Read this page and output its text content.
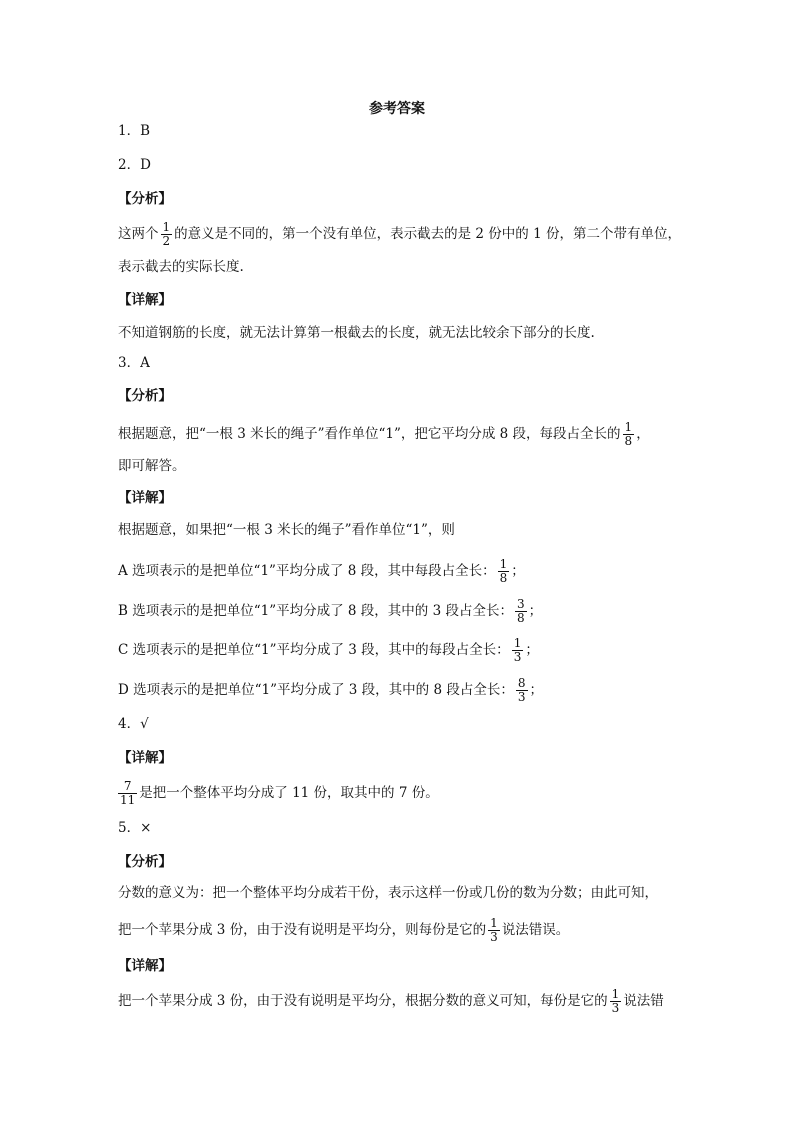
参考答案
1．B
2．D
【分析】
这两个 $\frac{1}{2}$ 的意义是不同的，第一个没有单位，表示截去的是 2 份中的 1 份，第二个带有单位，
表示截去的实际长度.
【详解】
不知道钢筋的长度，就无法计算第一根截去的长度，就无法比较余下部分的长度.
3．A
【分析】
根据题意，把“一根 3 米长的绳子”看作单位“1”，把它平均分成 8 段，每段占全长的 $\frac{1}{8}$ ，
即可解答。
【详解】
根据题意，如果把“一根 3 米长的绳子”看作单位“1”，则
A 选项表示的是把单位“1”平均分成了 8 段，其中每段占全长： $\frac{1}{8}$ ；
B 选项表示的是把单位“1”平均分成了 8 段，其中的 3 段占全长： $\frac{3}{8}$ ；
C 选项表示的是把单位“1”平均分成了 3 段，其中的每段占全长： $\frac{1}{3}$ ；
D 选项表示的是把单位“1”平均分成了 3 段，其中的 8 段占全长： $\frac{8}{3}$ ；
4．√
【详解】
$\frac{7}{11}$ 是把一个整体平均分成了 11 份，取其中的 7 份。
5．×
【分析】
分数的意义为：把一个整体平均分成若干份，表示这样一份或几份的数为分数；由此可知，
把一个苹果分成 3 份，由于没有说明是平均分，则每份是它的 $\frac{1}{3}$ 说法错误。
【详解】
把一个苹果分成 3 份，由于没有说明是平均分，根据分数的意义可知，每份是它的 $\frac{1}{3}$ 说法错
